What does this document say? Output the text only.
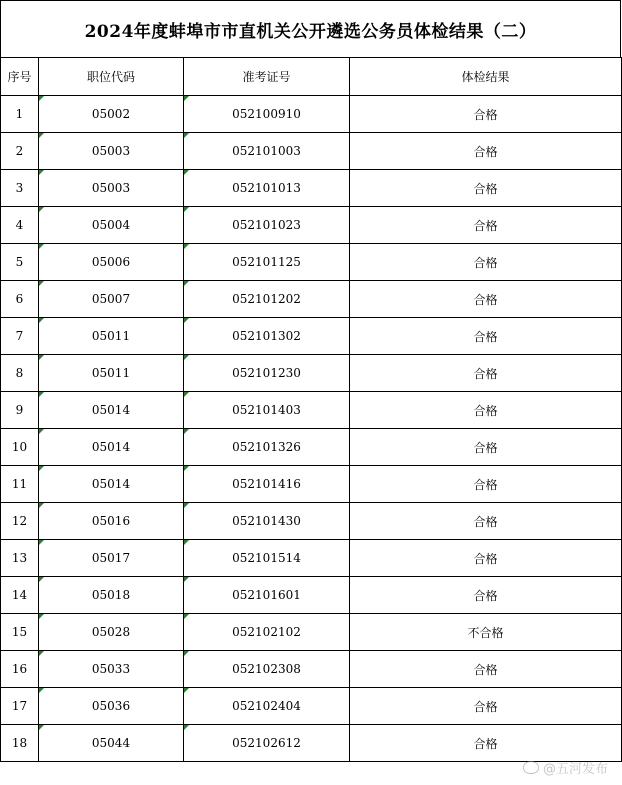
2024年度蚌埠市市直机关公开遴选公务员体检结果（二）
序号	职位代码	准考证号	体检结果
1	05002	052100910	合格
2	05003	052101003	合格
3	05003	052101013	合格
4	05004	052101023	合格
5	05006	052101125	合格
6	05007	052101202	合格
7	05011	052101302	合格
8	05011	052101230	合格
9	05014	052101403	合格
10	05014	052101326	合格
11	05014	052101416	合格
12	05016	052101430	合格
13	05017	052101514	合格
14	05018	052101601	合格
15	05028	052102102	不合格
16	05033	052102308	合格
17	05036	052102404	合格
18	05044	052102612	合格
@五河发布
